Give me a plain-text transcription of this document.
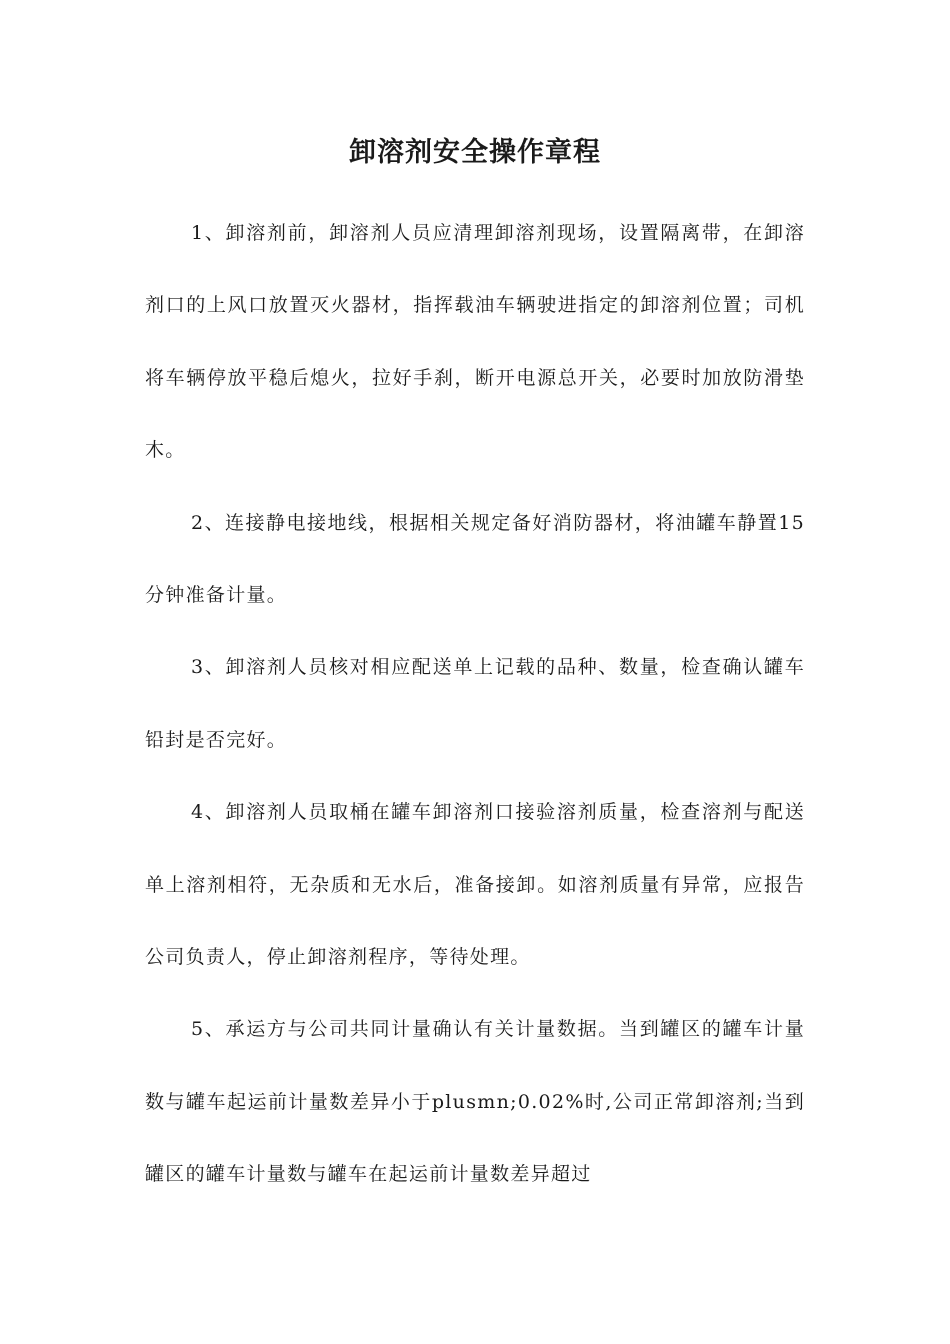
卸溶剂安全操作章程

1、卸溶剂前，卸溶剂人员应清理卸溶剂现场，设置隔离带，在卸溶剂口的上风口放置灭火器材，指挥载油车辆驶进指定的卸溶剂位置；司机将车辆停放平稳后熄火，拉好手刹，断开电源总开关，必要时加放防滑垫木。

2、连接静电接地线，根据相关规定备好消防器材，将油罐车静置15分钟准备计量。

3、卸溶剂人员核对相应配送单上记载的品种、数量，检查确认罐车铅封是否完好。

4、卸溶剂人员取桶在罐车卸溶剂口接验溶剂质量，检查溶剂与配送单上溶剂相符，无杂质和无水后，准备接卸。如溶剂质量有异常，应报告公司负责人，停止卸溶剂程序，等待处理。

5、承运方与公司共同计量确认有关计量数据。当到罐区的罐车计量数与罐车起运前计量数差异小于plusmn;0.02%时,公司正常卸溶剂;当到罐区的罐车计量数与罐车在起运前计量数差异超过
